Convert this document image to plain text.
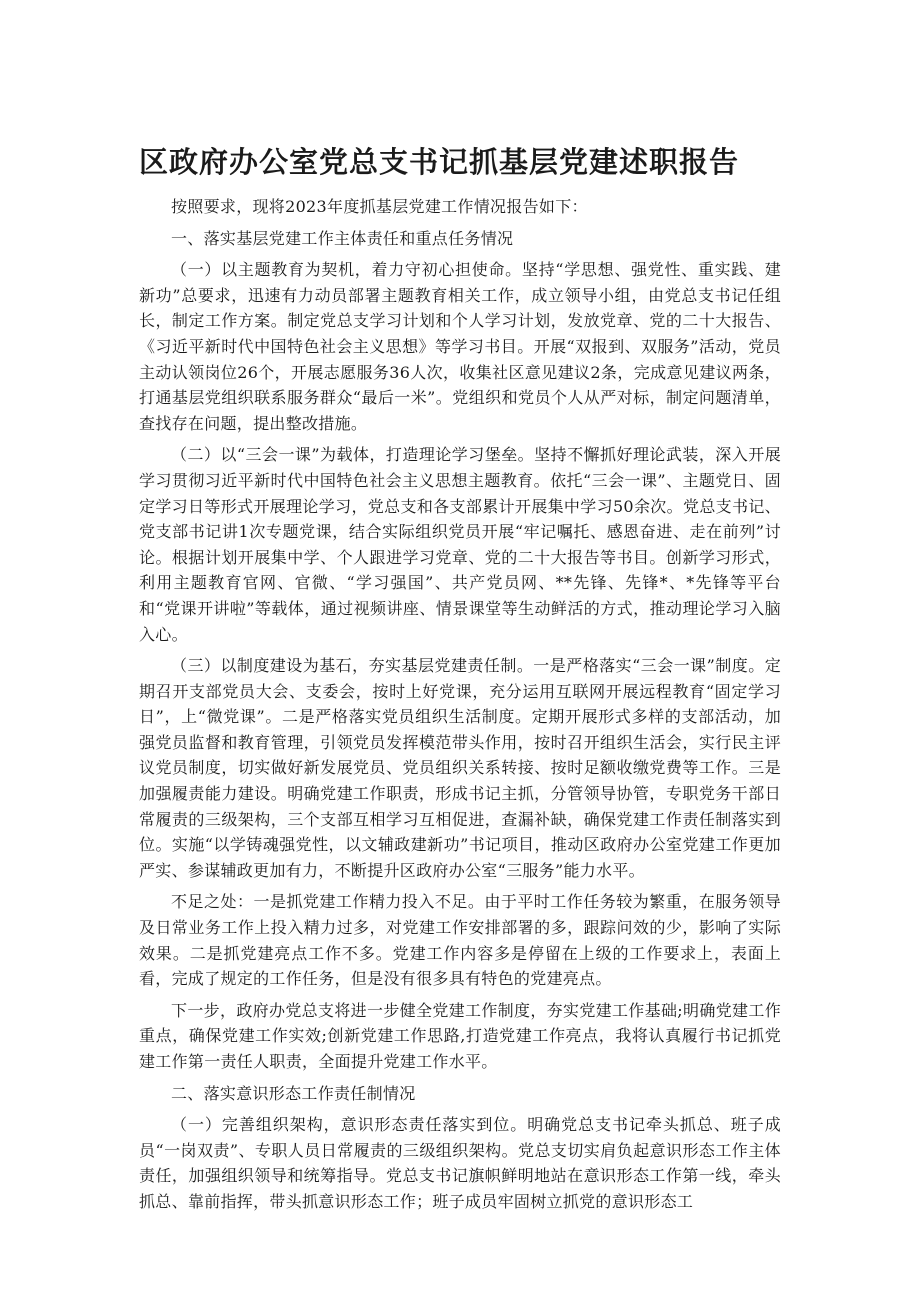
区政府办公室党总支书记抓基层党建述职报告

按照要求，现将2023年度抓基层党建工作情况报告如下：

一、落实基层党建工作主体责任和重点任务情况

（一）以主题教育为契机，着力守初心担使命。坚持“学思想、强党性、重实践、建新功”总要求，迅速有力动员部署主题教育相关工作，成立领导小组，由党总支书记任组长，制定工作方案。制定党总支学习计划和个人学习计划，发放党章、党的二十大报告、《习近平新时代中国特色社会主义思想》等学习书目。开展“双报到、双服务”活动，党员主动认领岗位26个，开展志愿服务36人次，收集社区意见建议2条，完成意见建议两条，打通基层党组织联系服务群众“最后一米”。党组织和党员个人从严对标，制定问题清单，查找存在问题，提出整改措施。

（二）以“三会一课”为载体，打造理论学习堡垒。坚持不懈抓好理论武装，深入开展学习贯彻习近平新时代中国特色社会主义思想主题教育。依托“三会一课”、主题党日、固定学习日等形式开展理论学习，党总支和各支部累计开展集中学习50余次。党总支书记、党支部书记讲1次专题党课，结合实际组织党员开展“牢记嘱托、感恩奋进、走在前列”讨论。根据计划开展集中学、个人跟进学习党章、党的二十大报告等书目。创新学习形式，利用主题教育官网、官微、“学习强国”、共产党员网、**先锋、先锋*、*先锋等平台和“党课开讲啦”等载体，通过视频讲座、情景课堂等生动鲜活的方式，推动理论学习入脑入心。

（三）以制度建设为基石，夯实基层党建责任制。一是严格落实“三会一课”制度。定期召开支部党员大会、支委会，按时上好党课，充分运用互联网开展远程教育“固定学习日”，上“微党课”。二是严格落实党员组织生活制度。定期开展形式多样的支部活动，加强党员监督和教育管理，引领党员发挥模范带头作用，按时召开组织生活会，实行民主评议党员制度，切实做好新发展党员、党员组织关系转接、按时足额收缴党费等工作。三是加强履责能力建设。明确党建工作职责，形成书记主抓，分管领导协管，专职党务干部日常履责的三级架构，三个支部互相学习互相促进，查漏补缺，确保党建工作责任制落实到位。实施“以学铸魂强党性，以文辅政建新功”书记项目，推动区政府办公室党建工作更加严实、参谋辅政更加有力，不断提升区政府办公室“三服务”能力水平。

不足之处：一是抓党建工作精力投入不足。由于平时工作任务较为繁重，在服务领导及日常业务工作上投入精力过多，对党建工作安排部署的多，跟踪问效的少，影响了实际效果。二是抓党建亮点工作不多。党建工作内容多是停留在上级的工作要求上，表面上看，完成了规定的工作任务，但是没有很多具有特色的党建亮点。

下一步，政府办党总支将进一步健全党建工作制度，夯实党建工作基础;明确党建工作重点，确保党建工作实效;创新党建工作思路,打造党建工作亮点，我将认真履行书记抓党建工作第一责任人职责，全面提升党建工作水平。

二、落实意识形态工作责任制情况

（一）完善组织架构，意识形态责任落实到位。明确党总支书记牵头抓总、班子成员“一岗双责”、专职人员日常履责的三级组织架构。党总支切实肩负起意识形态工作主体责任，加强组织领导和统筹指导。党总支书记旗帜鲜明地站在意识形态工作第一线，牵头抓总、靠前指挥，带头抓意识形态工作；班子成员牢固树立抓党的意识形态工
